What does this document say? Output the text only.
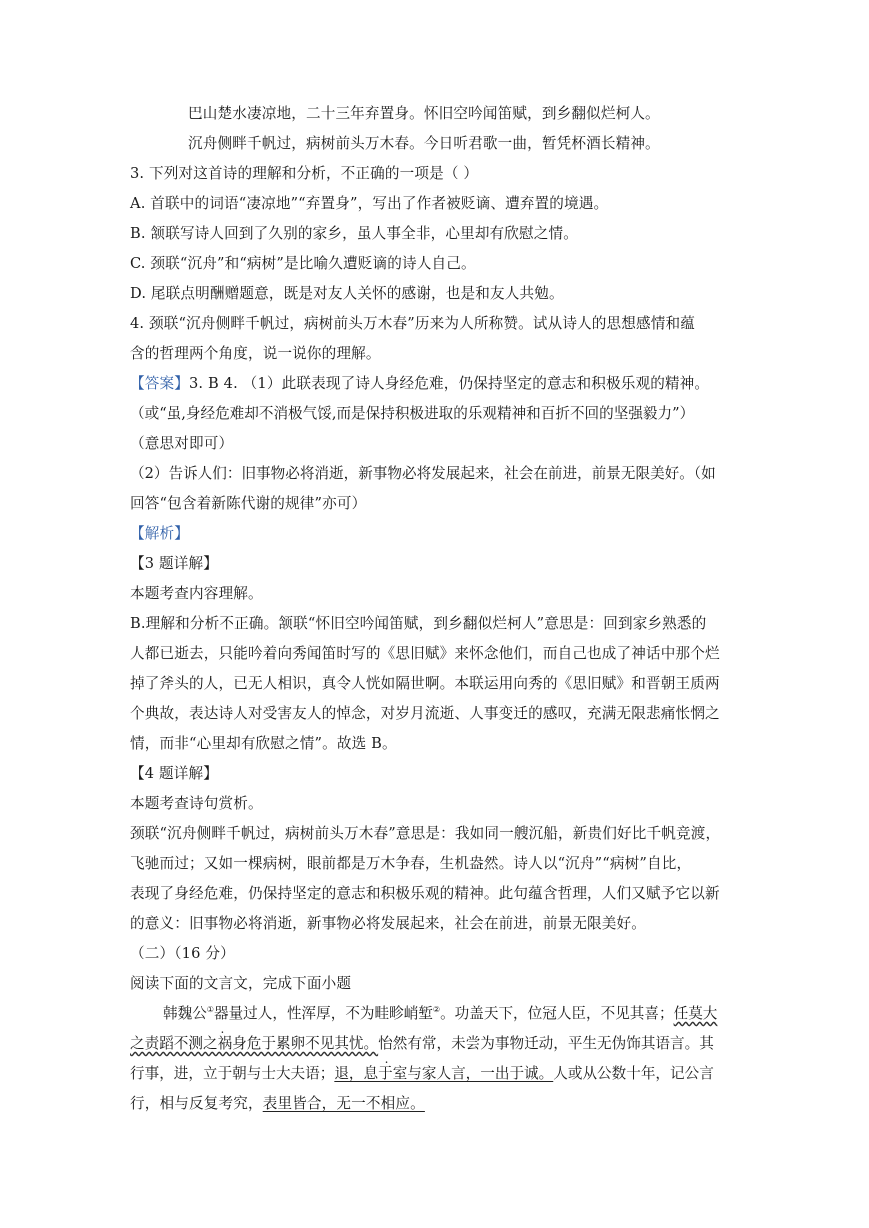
巴山楚水凄凉地，二十三年弃置身。怀旧空吟闻笛赋，到乡翻似烂柯人。
沉舟侧畔千帆过，病树前头万木春。今日听君歌一曲，暂凭杯酒长精神。
3. 下列对这首诗的理解和分析，不正确的一项是（ ）
A. 首联中的词语“凄凉地”“弃置身”，写出了作者被贬谪、遭弃置的境遇。
B. 颔联写诗人回到了久别的家乡，虽人事全非，心里却有欣慰之情。
C. 颈联“沉舟”和“病树”是比喻久遭贬谪的诗人自己。
D. 尾联点明酬赠题意，既是对友人关怀的感谢，也是和友人共勉。
4. 颈联“沉舟侧畔千帆过，病树前头万木春”历来为人所称赞。试从诗人的思想感情和蕴
含的哲理两个角度，说一说你的理解。
【答案】3. B 4. （1）此联表现了诗人身经危难，仍保持坚定的意志和积极乐观的精神。
（或“虽,身经危难却不消极气馁,而是保持积极进取的乐观精神和百折不回的坚强毅力”）
（意思对即可）
（2）告诉人们：旧事物必将消逝，新事物必将发展起来，社会在前进，前景无限美好。（如
回答“包含着新陈代谢的规律”亦可）
【解析】
【3 题详解】
本题考查内容理解。
B.理解和分析不正确。颔联“怀旧空吟闻笛赋，到乡翻似烂柯人”意思是：回到家乡熟悉的
人都已逝去，只能吟着向秀闻笛时写的《思旧赋》来怀念他们，而自己也成了神话中那个烂
掉了斧头的人，已无人相识，真令人恍如隔世啊。本联运用向秀的《思旧赋》和晋朝王质两
个典故，表达诗人对受害友人的悼念，对岁月流逝、人事变迁的感叹，充满无限悲痛怅惘之
情，而非“心里却有欣慰之情”。故选 B。
【4 题详解】
本题考查诗句赏析。
颈联“沉舟侧畔千帆过，病树前头万木春”意思是：我如同一艘沉船，新贵们好比千帆竞渡，
飞驰而过；又如一棵病树，眼前都是万木争春，生机盎然。诗人以“沉舟”“病树”自比，
表现了身经危难，仍保持坚定的意志和积极乐观的精神。此句蕴含哲理，人们又赋予它以新
的意义：旧事物必将消逝，新事物必将发展起来，社会在前进，前景无限美好。
（二）（16 分）
阅读下面的文言文，完成下面小题
韩魏公①器量过人，性浑厚，不为畦畛峭堑②。功盖天下，位冠人臣，不见其喜；任莫大
之责蹈不测之祸身危于累卵不见其忧。怡然有常，未尝为事物迁动，平生无伪饰其语言。其
行事，进，立于朝与士大夫语；退，息于室与家人言，一出于诚。人或从公数十年，记公言
行，相与反复考究，表里皆合，无一不相应。
